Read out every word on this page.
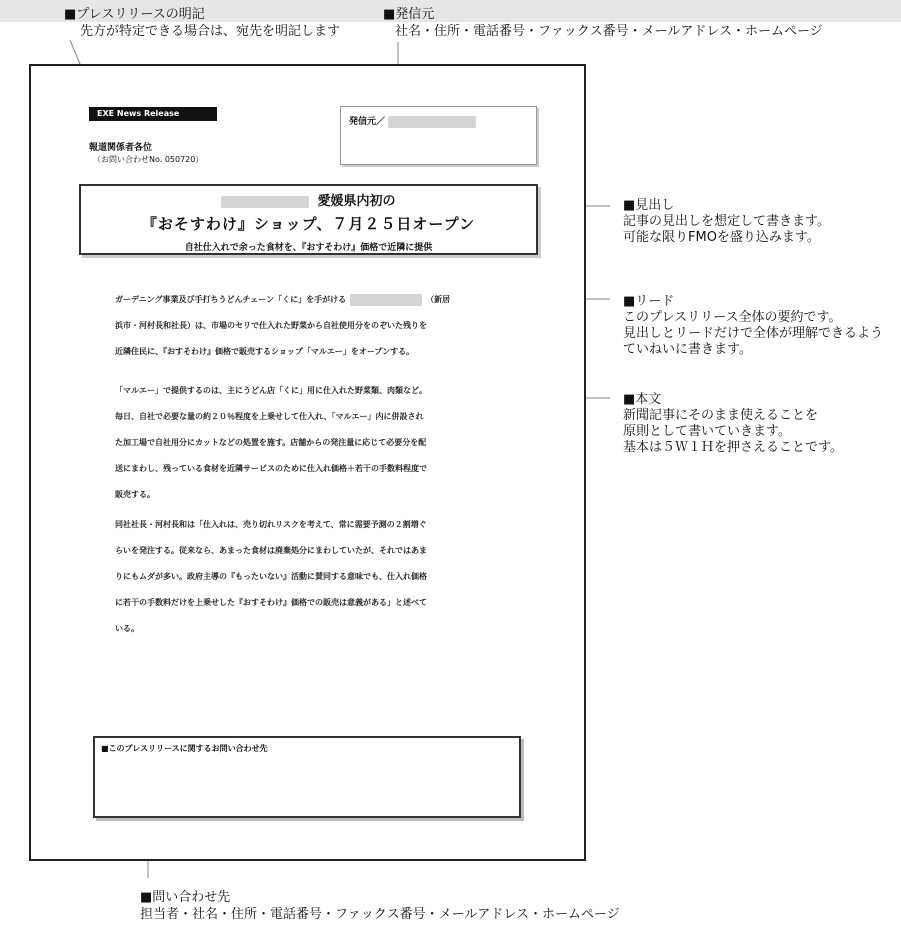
■プレスリリースの明記
先方が特定できる場合は、宛先を明記します
■発信元
社名・住所・電話番号・ファックス番号・メールアドレス・ホームページ
EXE News Release
報道関係者各位
（お問い合わせNo. 050720）
発信元／
愛媛県内初の
『おそすわけ』ショップ、７月２５日オープン
自社仕入れで余った食材を、『おすそわけ』価格で近隣に提供
ガーデニング事業及び手打ちうどんチェーン「くに」を手がける	（新居
浜市・河村長和社長）は、市場のセリで仕入れた野菜から自社使用分をのぞいた残りを
近隣住民に、『おすそわけ』価格で販売するショップ「マルエー」をオープンする。
「マルエー」で提供するのは、主にうどん店「くに」用に仕入れた野菜類、肉類など。
毎日、自社で必要な量の約２０％程度を上乗せして仕入れ、「マルエー」内に併設され
た加工場で自社用分にカットなどの処置を施す。店舗からの発注量に応じて必要分を配
送にまわし、残っている食材を近隣サービスのために仕入れ価格＋若干の手数料程度で
販売する。
同社社長・河村長和は「仕入れは、売り切れリスクを考えて、常に需要予測の２割増ぐ
らいを発注する。従来なら、あまった食材は廃棄処分にまわしていたが、それではあま
りにもムダが多い。政府主導の『もったいない』活動に賛同する意味でも、仕入れ価格
に若干の手数料だけを上乗せした『おすそわけ』価格での販売は意義がある」と述べて
いる。
■このプレスリリースに関するお問い合わせ先
■見出し
記事の見出しを想定して書きます。
可能な限りFMOを盛り込みます。
■リード
このプレスリリース全体の要約です。
見出しとリードだけで全体が理解できるよう
ていねいに書きます。
■本文
新聞記事にそのまま使えることを
原則として書いていきます。
基本は５Ｗ１Ｈを押さえることです。
■問い合わせ先
担当者・社名・住所・電話番号・ファックス番号・メールアドレス・ホームページ
